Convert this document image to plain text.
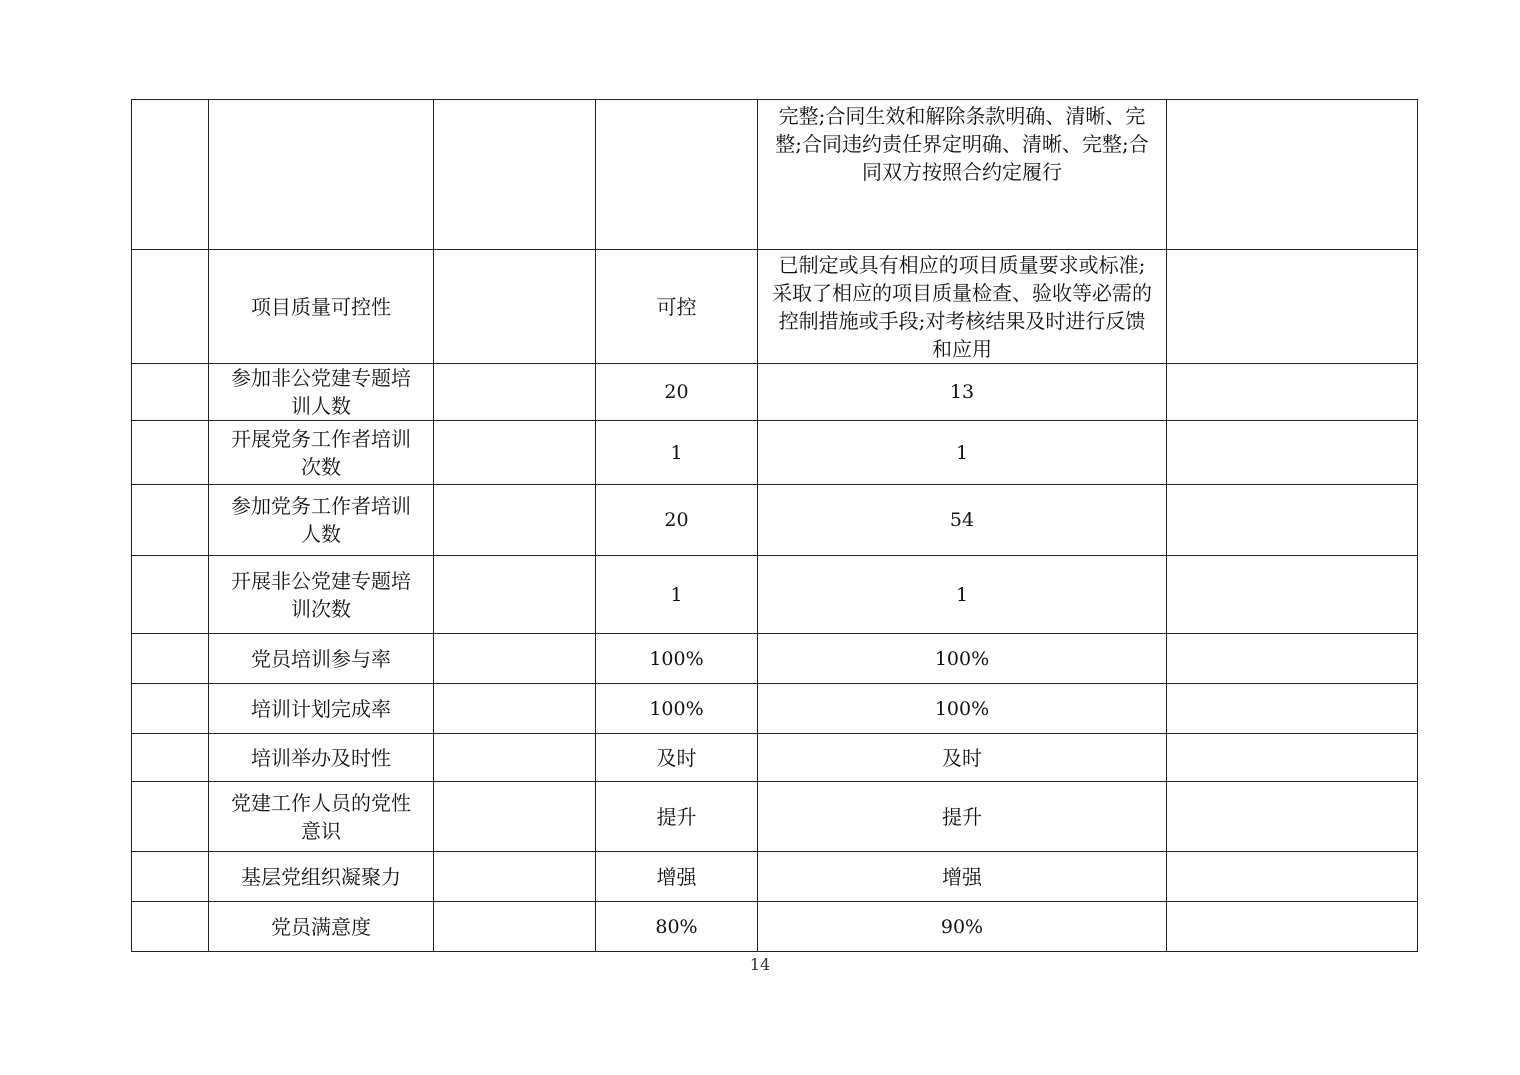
				完整;合同生效和解除条款明确、清晰、完整;合同违约责任界定明确、清晰、完整;合同双方按照合约定履行	
	项目质量可控性		可控	已制定或具有相应的项目质量要求或标准;采取了相应的项目质量检查、验收等必需的控制措施或手段;对考核结果及时进行反馈和应用	
	参加非公党建专题培训人数		20	13	
	开展党务工作者培训次数		1	1	
	参加党务工作者培训人数		20	54	
	开展非公党建专题培训次数		1	1	
	党员培训参与率		100%	100%	
	培训计划完成率		100%	100%	
	培训举办及时性		及时	及时	
	党建工作人员的党性意识		提升	提升	
	基层党组织凝聚力		增强	增强	
	党员满意度		80%	90%	
14
